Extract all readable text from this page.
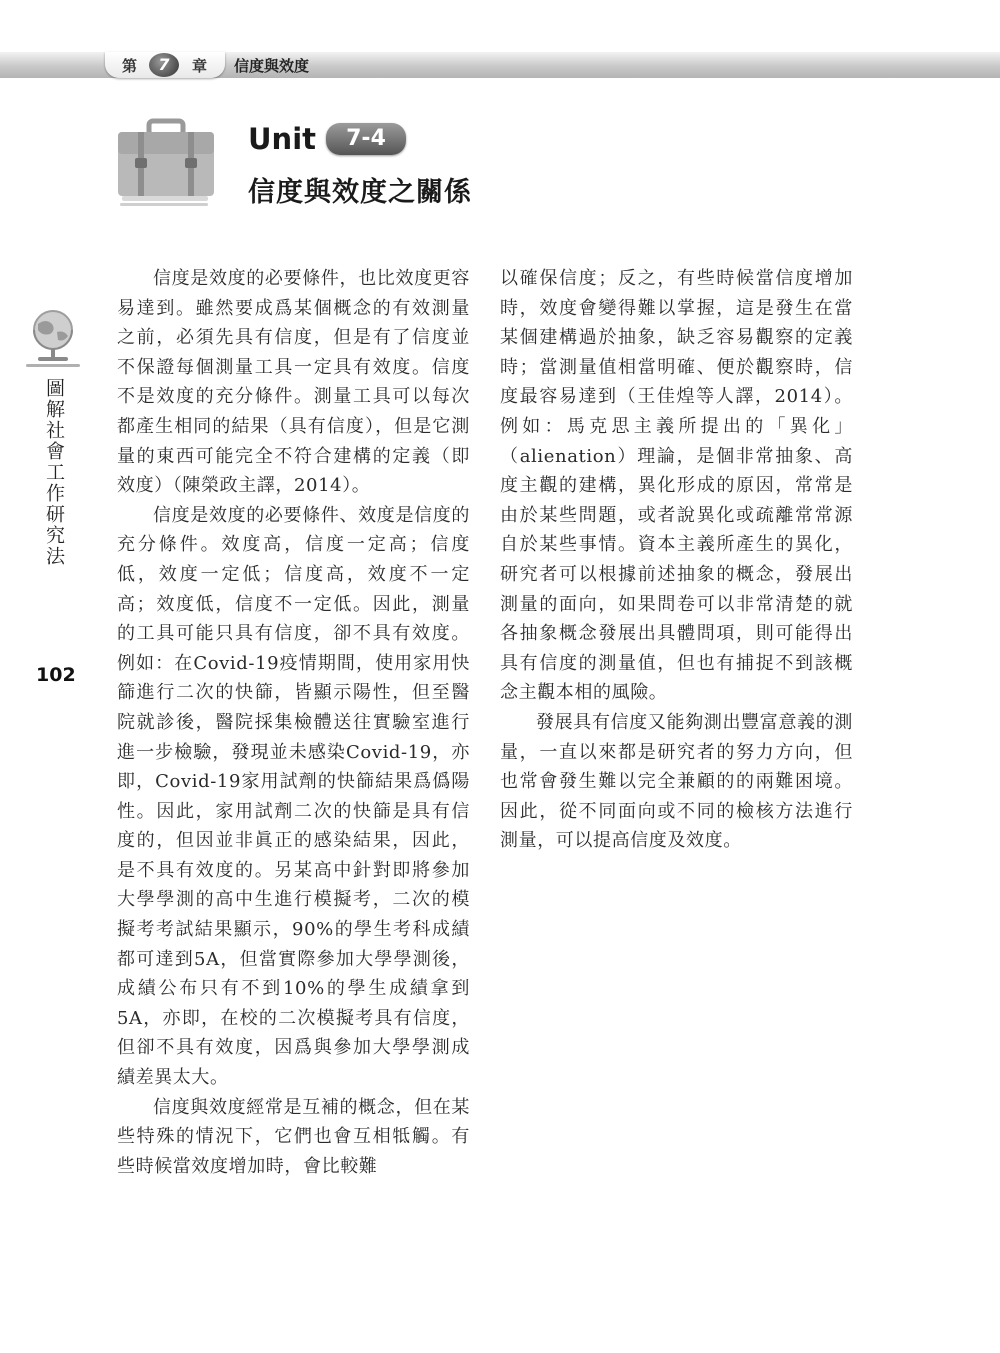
第	7	章 信度與效度
Unit	7-4
信度與效度之關係
圖解社會工作研究法
102

信度是效度的必要條件，也比效度更容易達到。雖然要成爲某個概念的有效測量之前，必須先具有信度，但是有了信度並不保證每個測量工具一定具有效度。信度不是效度的充分條件。測量工具可以每次都產生相同的結果（具有信度），但是它測量的東西可能完全不符合建構的定義（即效度）（陳榮政主譯，2014）。

信度是效度的必要條件、效度是信度的充分條件。效度高，信度一定高；信度低，效度一定低；信度高，效度不一定高；效度低，信度不一定低。因此，測量的工具可能只具有信度，卻不具有效度。例如：在Covid-19疫情期間，使用家用快篩進行二次的快篩，皆顯示陽性，但至醫院就診後，醫院採集檢體送往實驗室進行進一步檢驗，發現並未感染Covid-19，亦即，Covid-19家用試劑的快篩結果爲僞陽性。因此，家用試劑二次的快篩是具有信度的，但因並非眞正的感染結果，因此，是不具有效度的。另某高中針對即將參加大學學測的高中生進行模擬考，二次的模擬考考試結果顯示，90%的學生考科成績都可達到5A，但當實際參加大學學測後，成績公布只有不到10%的學生成績拿到5A，亦即，在校的二次模擬考具有信度，但卻不具有效度，因爲與參加大學學測成績差異太大。

信度與效度經常是互補的概念，但在某些特殊的情況下，它們也會互相牴觸。有些時候當效度增加時，會比較難

以確保信度；反之，有些時候當信度增加時，效度會變得難以掌握，這是發生在當某個建構過於抽象，缺乏容易觀察的定義時；當測量值相當明確、便於觀察時，信度最容易達到（王佳煌等人譯，2014）。例如：馬克思主義所提出的「異化」（alienation）理論，是個非常抽象、高度主觀的建構，異化形成的原因，常常是由於某些問題，或者說異化或疏離常常源自於某些事情。資本主義所產生的異化，研究者可以根據前述抽象的概念，發展出測量的面向，如果問卷可以非常清楚的就各抽象概念發展出具體問項，則可能得出具有信度的測量值，但也有捕捉不到該概念主觀本相的風險。

發展具有信度又能夠測出豐富意義的測量，一直以來都是研究者的努力方向，但也常會發生難以完全兼顧的的兩難困境。因此，從不同面向或不同的檢核方法進行測量，可以提高信度及效度。
